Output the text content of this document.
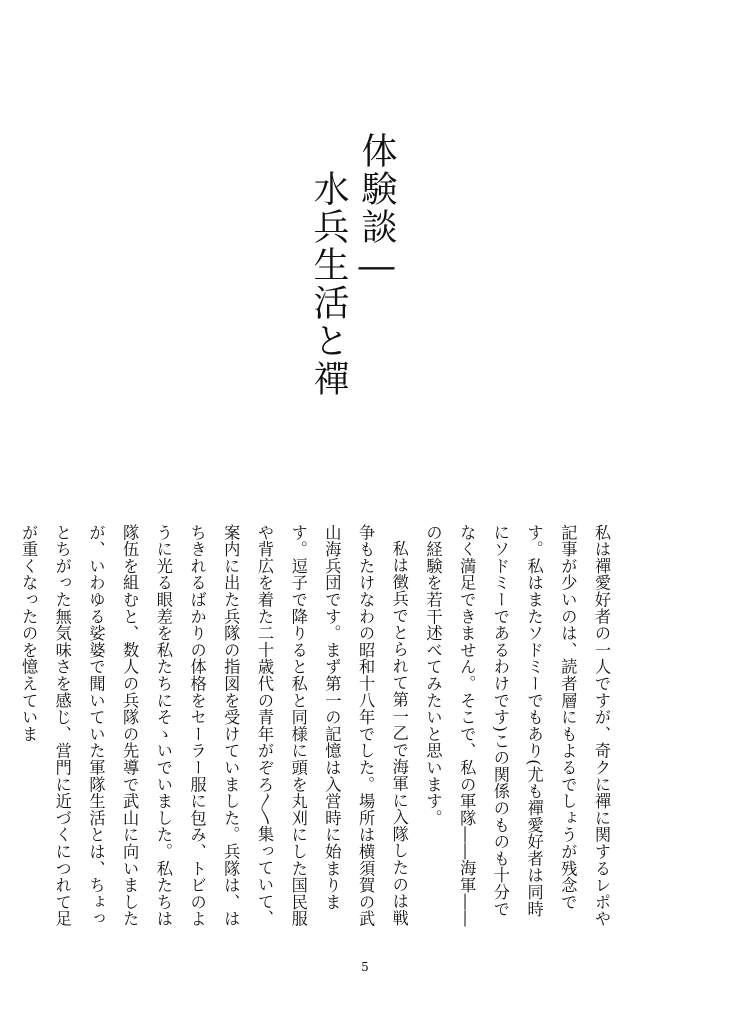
体験談―
水兵生活と禪

私は禪愛好者の一人ですが、奇クに禪に関するレポや記事が少いのは、読者層にもよるでしょうが残念です。私はまたソドミーでもあり(尤も禪愛好者は同時にソドミーであるわけです)この関係のものも十分でなく満足できません。そこで、私の軍隊――海軍――の経験を若干述べてみたいと思います。

私は徴兵でとられて第一乙で海軍に入隊したのは戦争もたけなわの昭和十八年でした。場所は横須賀の武山海兵団です。まず第一の記憶は入営時に始まります。逗子で降りると私と同様に頭を丸刈にした国民服や背広を着た二十歳代の青年がぞろ〳〵集っていて、案内に出た兵隊の指図を受けていました。兵隊は、はちきれるばかりの体格をセーラー服に包み、トビのように光る眼差を私たちにそゝいでいました。私たちは隊伍を組むと、数人の兵隊の先導で武山に向いましたが、いわゆる娑婆で聞いていた軍隊生活とは、ちょっとちがった無気味さを感じ、営門に近づくにつれて足が重くなったのを憶えていま

5
